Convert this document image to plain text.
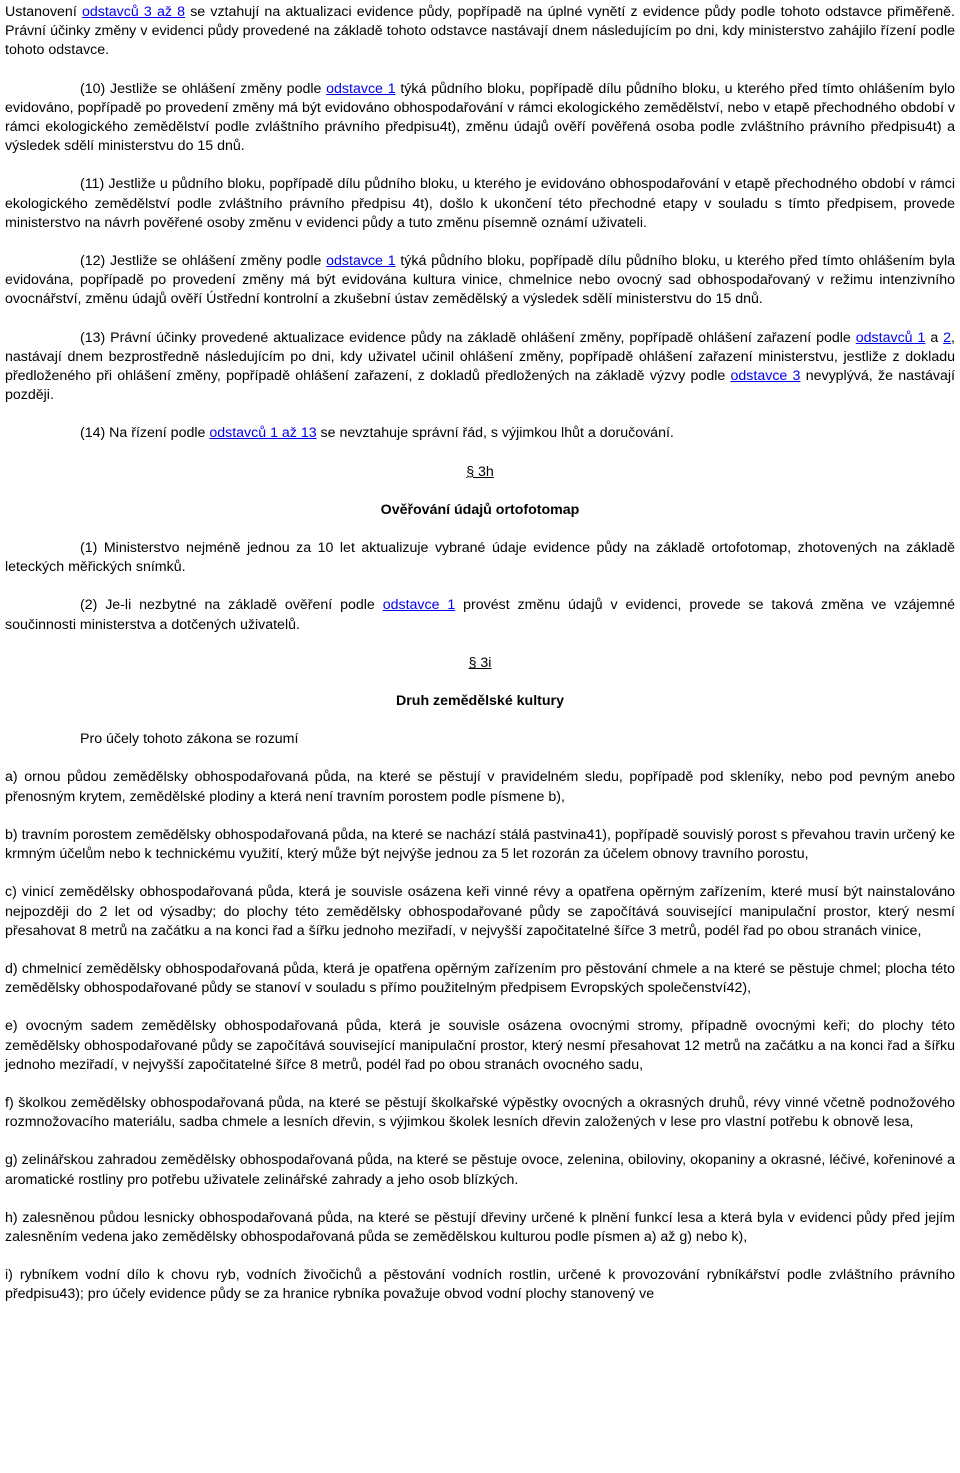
Ustanovení odstavců 3 až 8 se vztahují na aktualizaci evidence půdy, popřípadě na úplné vynětí z evidence půdy podle tohoto odstavce přiměřeně. Právní účinky změny v evidenci půdy provedené na základě tohoto odstavce nastávají dnem následujícím po dni, kdy ministerstvo zahájilo řízení podle tohoto odstavce.

(10) Jestliže se ohlášení změny podle odstavce 1 týká půdního bloku, popřípadě dílu půdního bloku, u kterého před tímto ohlášením bylo evidováno, popřípadě po provedení změny má být evidováno obhospodařování v rámci ekologického zemědělství, nebo v etapě přechodného období v rámci ekologického zemědělství podle zvláštního právního předpisu4t), změnu údajů ověří pověřená osoba podle zvláštního právního předpisu4t) a výsledek sdělí ministerstvu do 15 dnů.

(11) Jestliže u půdního bloku, popřípadě dílu půdního bloku, u kterého je evidováno obhospodařování v etapě přechodného období v rámci ekologického zemědělství podle zvláštního právního předpisu 4t), došlo k ukončení této přechodné etapy v souladu s tímto předpisem, provede ministerstvo na návrh pověřené osoby změnu v evidenci půdy a tuto změnu písemně oznámí uživateli.

(12) Jestliže se ohlášení změny podle odstavce 1 týká půdního bloku, popřípadě dílu půdního bloku, u kterého před tímto ohlášením byla evidována, popřípadě po provedení změny má být evidována kultura vinice, chmelnice nebo ovocný sad obhospodařovaný v režimu intenzivního ovocnářství, změnu údajů ověří Ústřední kontrolní a zkušební ústav zemědělský a výsledek sdělí ministerstvu do 15 dnů.

(13) Právní účinky provedené aktualizace evidence půdy na základě ohlášení změny, popřípadě ohlášení zařazení podle odstavců 1 a 2, nastávají dnem bezprostředně následujícím po dni, kdy uživatel učinil ohlášení změny, popřípadě ohlášení zařazení ministerstvu, jestliže z dokladu předloženého při ohlášení změny, popřípadě ohlášení zařazení, z dokladů předložených na základě výzvy podle odstavce 3 nevyplývá, že nastávají později.

(14) Na řízení podle odstavců 1 až 13 se nevztahuje správní řád, s výjimkou lhůt a doručování.

§ 3h

Ověřování údajů ortofotomap

(1) Ministerstvo nejméně jednou za 10 let aktualizuje vybrané údaje evidence půdy na základě ortofotomap, zhotovených na základě leteckých měřických snímků.

(2) Je-li nezbytné na základě ověření podle odstavce 1 provést změnu údajů v evidenci, provede se taková změna ve vzájemné součinnosti ministerstva a dotčených uživatelů.

§ 3i

Druh zemědělské kultury

Pro účely tohoto zákona se rozumí

a) ornou půdou zemědělsky obhospodařovaná půda, na které se pěstují v pravidelném sledu, popřípadě pod skleníky, nebo pod pevným anebo přenosným krytem, zemědělské plodiny a která není travním porostem podle písmene b),

b) travním porostem zemědělsky obhospodařovaná půda, na které se nachází stálá pastvina41), popřípadě souvislý porost s převahou travin určený ke krmným účelům nebo k technickému využití, který může být nejvýše jednou za 5 let rozorán za účelem obnovy travního porostu,

c) vinicí zemědělsky obhospodařovaná půda, která je souvisle osázena keři vinné révy a opatřena opěrným zařízením, které musí být nainstalováno nejpozději do 2 let od výsadby; do plochy této zemědělsky obhospodařované půdy se započítává související manipulační prostor, který nesmí přesahovat 8 metrů na začátku a na konci řad a šířku jednoho meziřadí, v nejvyšší započitatelné šířce 3 metrů, podél řad po obou stranách vinice,

d) chmelnicí zemědělsky obhospodařovaná půda, která je opatřena opěrným zařízením pro pěstování chmele a na které se pěstuje chmel; plocha této zemědělsky obhospodařované půdy se stanoví v souladu s přímo použitelným předpisem Evropských společenství42),

e) ovocným sadem zemědělsky obhospodařovaná půda, která je souvisle osázena ovocnými stromy, případně ovocnými keři; do plochy této zemědělsky obhospodařované půdy se započítává související manipulační prostor, který nesmí přesahovat 12 metrů na začátku a na konci řad a šířku jednoho meziřadí, v nejvyšší započitatelné šířce 8 metrů, podél řad po obou stranách ovocného sadu,

f) školkou zemědělsky obhospodařovaná půda, na které se pěstují školkařské výpěstky ovocných a okrasných druhů, révy vinné včetně podnožového rozmnožovacího materiálu, sadba chmele a lesních dřevin, s výjimkou školek lesních dřevin založených v lese pro vlastní potřebu k obnově lesa,

g) zelinářskou zahradou zemědělsky obhospodařovaná půda, na které se pěstuje ovoce, zelenina, obiloviny, okopaniny a okrasné, léčivé, kořeninové a aromatické rostliny pro potřebu uživatele zelinářské zahrady a jeho osob blízkých.

h) zalesněnou půdou lesnicky obhospodařovaná půda, na které se pěstují dřeviny určené k plnění funkcí lesa a která byla v evidenci půdy před jejím zalesněním vedena jako zemědělsky obhospodařovaná půda se zemědělskou kulturou podle písmen a) až g) nebo k),

i) rybníkem vodní dílo k chovu ryb, vodních živočichů a pěstování vodních rostlin, určené k provozování rybníkářství podle zvláštního právního předpisu43); pro účely evidence půdy se za hranice rybníka považuje obvod vodní plochy stanovený ve
